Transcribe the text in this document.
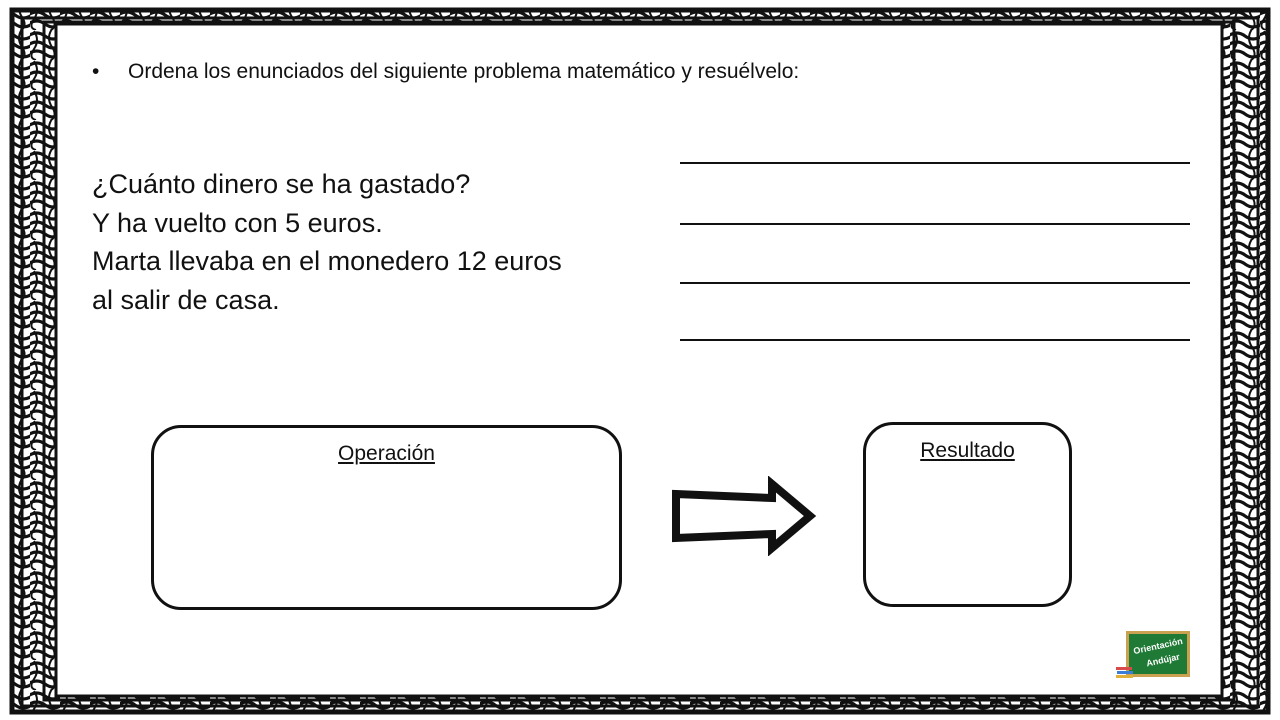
• Ordena los enunciados del siguiente problema matemático y resuélvelo:
¿Cuánto dinero se ha gastado?
Y ha vuelto con 5 euros.
Marta llevaba en el monedero 12 euros
al salir de casa.
Operación	Resultado
Orientación
Andújar
